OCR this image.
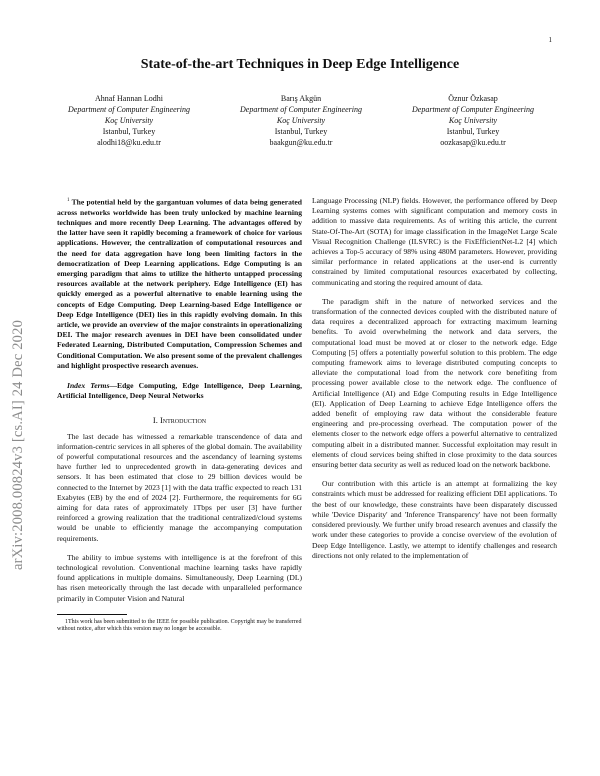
1
arXiv:2008.00824v3 [cs.AI] 24 Dec 2020
State-of-the-art Techniques in Deep Edge Intelligence
Ahnaf Hannan Lodhi
Department of Computer Engineering
Koç University
Istanbul, Turkey
alodhi18@ku.edu.tr
Barış Akgün
Department of Computer Engineering
Koç University
Istanbul, Turkey
baakgun@ku.edu.tr
Öznur Özkasap
Department of Computer Engineering
Koç University
Istanbul, Turkey
oozkasap@ku.edu.tr

$^1$ The potential held by the gargantuan volumes of data being generated across networks worldwide has been truly unlocked by machine learning techniques and more recently Deep Learning. The advantages offered by the latter have seen it rapidly becoming a framework of choice for various applications. However, the centralization of computational resources and the need for data aggregation have long been limiting factors in the democratization of Deep Learning applications. Edge Computing is an emerging paradigm that aims to utilize the hitherto untapped processing resources available at the network periphery. Edge Intelligence (EI) has quickly emerged as a powerful alternative to enable learning using the concepts of Edge Computing. Deep Learning-based Edge Intelligence or Deep Edge Intelligence (DEI) lies in this rapidly evolving domain. In this article, we provide an overview of the major constraints in operationalizing DEI. The major research avenues in DEI have been consolidated under Federated Learning, Distributed Computation, Compression Schemes and Conditional Computation. We also present some of the prevalent challenges and highlight prospective research avenues.

Index Terms—Edge Computing, Edge Intelligence, Deep Learning, Artificial Intelligence, Deep Neural Networks

I. Introduction

The last decade has witnessed a remarkable transcendence of data and information-centric services in all spheres of the global domain. The availability of powerful computational resources and the ascendancy of learning systems have further led to unprecedented growth in data-generating devices and sensors. It has been estimated that close to 29 billion devices would be connected to the Internet by 2023 [1] with the data traffic expected to reach 131 Exabytes (EB) by the end of 2024 [2]. Furthermore, the requirements for 6G aiming for data rates of approximately 1Tbps per user [3] have further reinforced a growing realization that the traditional centralized/cloud systems would be unable to efficiently manage the accompanying computation requirements.

The ability to imbue systems with intelligence is at the forefront of this technological revolution. Conventional machine learning tasks have rapidly found applications in multiple domains. Simultaneously, Deep Learning (DL) has risen meteorically through the last decade with unparalleled performance primarily in Computer Vision and Natural

1This work has been submitted to the IEEE for possible publication. Copyright may be transferred without notice, after which this version may no longer be accessible.

Language Processing (NLP) fields. However, the performance offered by Deep Learning systems comes with significant computation and memory costs in addition to massive data requirements. As of writing this article, the current State-Of-The-Art (SOTA) for image classification in the ImageNet Large Scale Visual Recognition Challenge (ILSVRC) is the FixEfficientNet-L2 [4] which achieves a Top-5 accuracy of 98% using 480M parameters. However, providing similar performance in related applications at the user-end is currently constrained by limited computational resources exacerbated by collecting, communicating and storing the required amount of data.

The paradigm shift in the nature of networked services and the transformation of the connected devices coupled with the distributed nature of data requires a decentralized approach for extracting maximum learning benefits. To avoid overwhelming the network and data servers, the computational load must be moved at or closer to the network edge. Edge Computing [5] offers a potentially powerful solution to this problem. The edge computing framework aims to leverage distributed computing concepts to alleviate the computational load from the network core benefiting from processing power available close to the network edge. The confluence of Artificial Intelligence (AI) and Edge Computing results in Edge Intelligence (EI). Application of Deep Learning to achieve Edge Intelligence offers the added benefit of employing raw data without the considerable feature engineering and pre-processing overhead. The computation power of the elements closer to the network edge offers a powerful alternative to centralized computing albeit in a distributed manner. Successful exploitation may result in elements of cloud services being shifted in close proximity to the data sources ensuring better data security as well as reduced load on the network backbone.

Our contribution with this article is an attempt at formalizing the key constraints which must be addressed for realizing efficient DEI applications. To the best of our knowledge, these constraints have been disparately discussed while 'Device Disparity' and 'Inference Transparency' have not been formally considered previously. We further unify broad research avenues and classify the work under these categories to provide a concise overview of the evolution of Deep Edge Intelligence. Lastly, we attempt to identify challenges and research directions not only related to the implementation of
